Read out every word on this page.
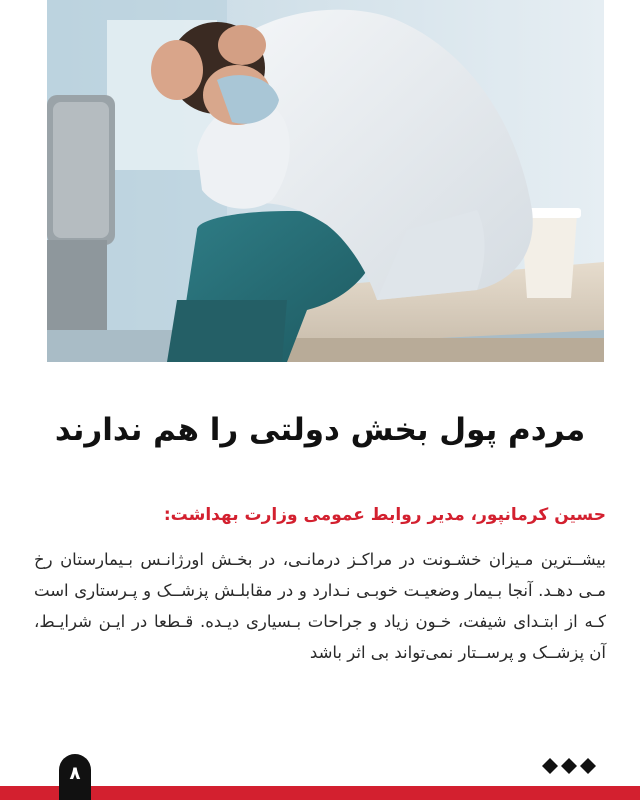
مردم پول بخش دولتی را هم ندارند

حسین کرمانپور، مدیر روابط عمومی وزارت بهداشت:

بیشــترین مـیزان خشـونت در مراکـز درمانـی، در بخـش اورژانـس بـیمارستان رخ مـی دهـد. آنجا بـیمار وضعیـت خوبـی نـدارد و در مقابلـش پزشــک و پـرستاری است کـه از ابتـدای شیفت، خـون زیاد و جراحات بـسیاری دیـده. قـطعا در ایـن شرایـط، آن پزشــک و پرســتار نمی‌تواند بی اثر باشد

۸
